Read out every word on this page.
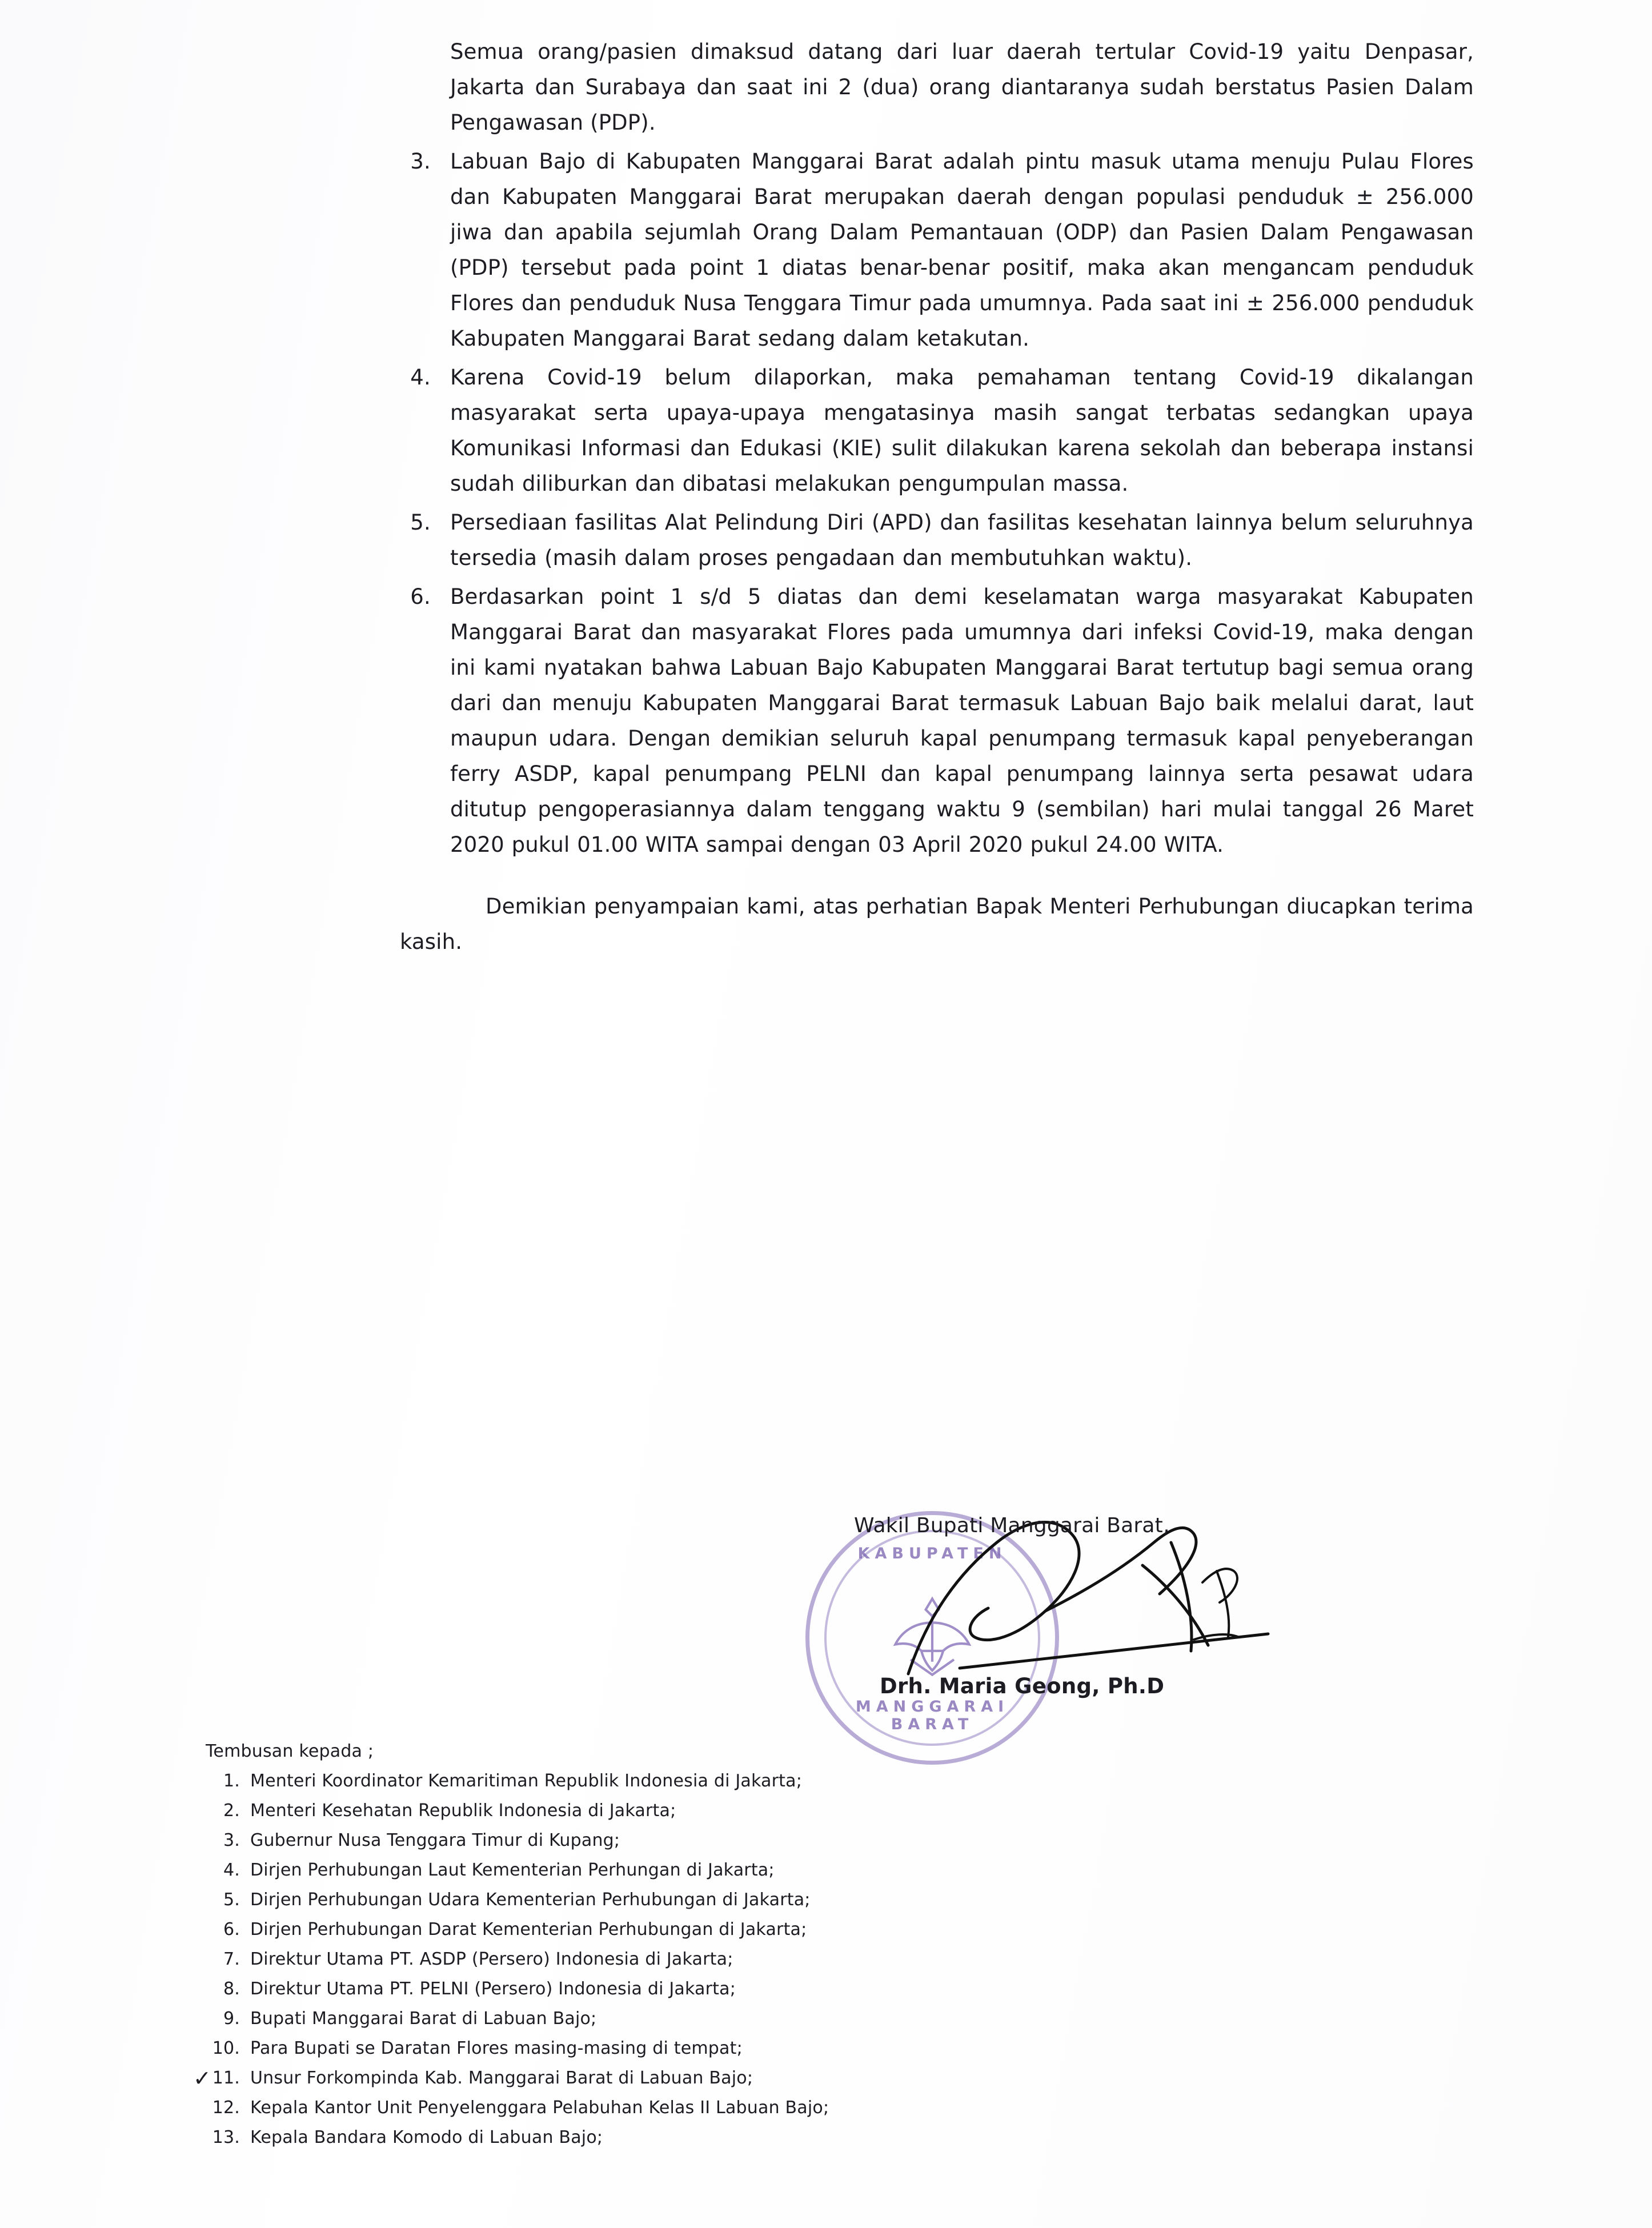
Semua orang/pasien dimaksud datang dari luar daerah tertular Covid-19 yaitu Denpasar, Jakarta dan Surabaya dan saat ini 2 (dua) orang diantaranya sudah berstatus Pasien Dalam Pengawasan (PDP).
3. Labuan Bajo di Kabupaten Manggarai Barat adalah pintu masuk utama menuju Pulau Flores dan Kabupaten Manggarai Barat merupakan daerah dengan populasi penduduk ± 256.000 jiwa dan apabila sejumlah Orang Dalam Pemantauan (ODP) dan Pasien Dalam Pengawasan (PDP) tersebut pada point 1 diatas benar-benar positif, maka akan mengancam penduduk Flores dan penduduk Nusa Tenggara Timur pada umumnya. Pada saat ini ± 256.000 penduduk Kabupaten Manggarai Barat sedang dalam ketakutan.
4. Karena Covid-19 belum dilaporkan, maka pemahaman tentang Covid-19 dikalangan masyarakat serta upaya-upaya mengatasinya masih sangat terbatas sedangkan upaya Komunikasi Informasi dan Edukasi (KIE) sulit dilakukan karena sekolah dan beberapa instansi sudah diliburkan dan dibatasi melakukan pengumpulan massa.
5. Persediaan fasilitas Alat Pelindung Diri (APD) dan fasilitas kesehatan lainnya belum seluruhnya tersedia (masih dalam proses pengadaan dan membutuhkan waktu).
6. Berdasarkan point 1 s/d 5 diatas dan demi keselamatan warga masyarakat Kabupaten Manggarai Barat dan masyarakat Flores pada umumnya dari infeksi Covid-19, maka dengan ini kami nyatakan bahwa Labuan Bajo Kabupaten Manggarai Barat tertutup bagi semua orang dari dan menuju Kabupaten Manggarai Barat termasuk Labuan Bajo baik melalui darat, laut maupun udara. Dengan demikian seluruh kapal penumpang termasuk kapal penyeberangan ferry ASDP, kapal penumpang PELNI dan kapal penumpang lainnya serta pesawat udara ditutup pengoperasiannya dalam tenggang waktu 9 (sembilan) hari mulai tanggal 26 Maret 2020 pukul 01.00 WITA sampai dengan 03 April 2020 pukul 24.00 WITA.
Demikian penyampaian kami, atas perhatian Bapak Menteri Perhubungan diucapkan terima kasih.
KABUPATEN
MANGGARAI BARAT
Wakil Bupati Manggarai Barat,
Drh. Maria Geong, Ph.D
Tembusan kepada ;
1. Menteri Koordinator Kemaritiman Republik Indonesia di Jakarta;
2. Menteri Kesehatan Republik Indonesia di Jakarta;
3. Gubernur Nusa Tenggara Timur di Kupang;
4. Dirjen Perhubungan Laut Kementerian Perhungan di Jakarta;
5. Dirjen Perhubungan Udara Kementerian Perhubungan di Jakarta;
6. Dirjen Perhubungan Darat Kementerian Perhubungan di Jakarta;
7. Direktur Utama PT. ASDP (Persero) Indonesia di Jakarta;
8. Direktur Utama PT. PELNI (Persero) Indonesia di Jakarta;
9. Bupati Manggarai Barat di Labuan Bajo;
10. Para Bupati se Daratan Flores masing-masing di tempat;
✓ 11. Unsur Forkompinda Kab. Manggarai Barat di Labuan Bajo;
12. Kepala Kantor Unit Penyelenggara Pelabuhan Kelas II Labuan Bajo;
13. Kepala Bandara Komodo di Labuan Bajo;
